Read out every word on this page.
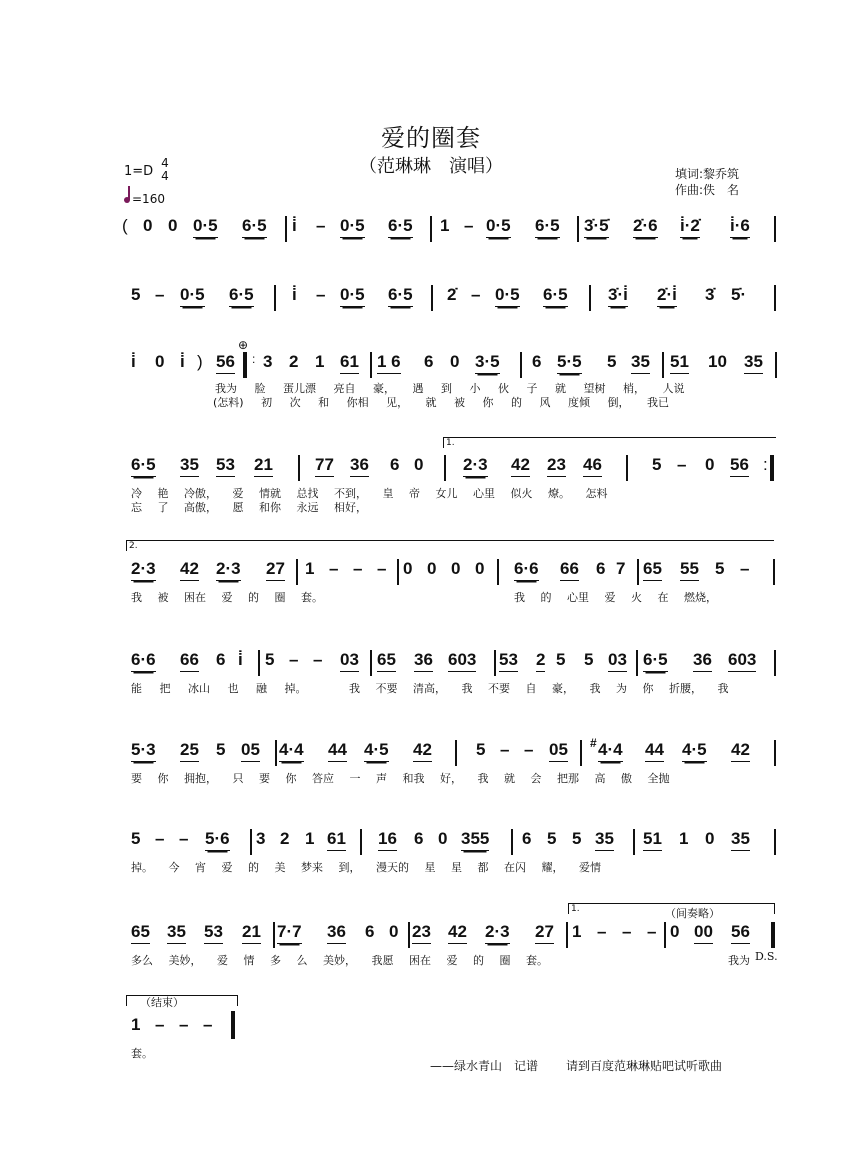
爱的圈套
（范琳琳　演唱）	填词:黎乔筑
作曲:佚　名
1=D
4
4
=160
( 0 0 0·5 6·5 i̇ – 0·5 6·5 1 – 0·5 6·5 3̇·5̇ 2̇·6 i̇·2̇ i̇·6
5 – 0·5 6·5 i̇ – 0·5 6·5 2̇ – 0·5 6·5 3̇·i̇ 2̇·i̇ 3̇ 5̇·
i̇ 0 i̇ ) 56 :
⊕
3 2 1 61 1 6 6 0 3·5 6 5·5 5 35 51 10 35
我为 脸 蛋儿漂 亮自 豪， 遇 到 小 伙 子 就 望树 梢， 人说
(怎料) 初 次 和 你相 见， 就 被 你 的 风 度倾 倒， 我已
1.
6·5 35 53 21 77 36 6 0 2·3 42 23 46	5 – 0 56 :
冷 艳 冷傲， 爱 情就 总找 不到， 皇 帝 女儿 心里 似火 燎。 怎料
忘 了 高傲， 愿 和你 永远 相好，
2.
2·3 42 2·3 27 1 – – – 0 0 0 0 6·6 66 6 7 65 55 5 –
我 被 困在 爱 的 圈 套。	我 的 心里 爱 火 在 燃烧，
6·6 66 6 i̇ 5 – – 03 65 36 603 53 2 5 5 03 6·5 36 603
能 把 冰山 也 融 掉。	我 不要 清高， 我 不要 自 豪， 我 为 你 折腰， 我
5·3 25 5 05 4·4 44 4·5 42	5 – – 05 # 4·4 44 4·5 42
要 你 拥抱， 只 要 你 答应 一 声 和我 好， 我 就 会 把那 高 傲 全抛
5 – – 5·6 3 2 1 61 16 6 0 355 6 5 5 35 51 1 0 35
掉。 今 宵 爱 的 美 梦来 到， 漫天的 星 星 都 在闪 耀， 爱情
1.	（间奏略）
65 35 53 21 7·7 36 6 0 23 42 2·3 27 1 – – – 0 00 56
多么 美妙， 爱 情 多 么 美妙， 我愿 困在 爱 的 圈 套。	我为 D.S.
（结束）
1 – – –
套。
——绿水青山　记谱 请到百度范琳琳贴吧试听歌曲
